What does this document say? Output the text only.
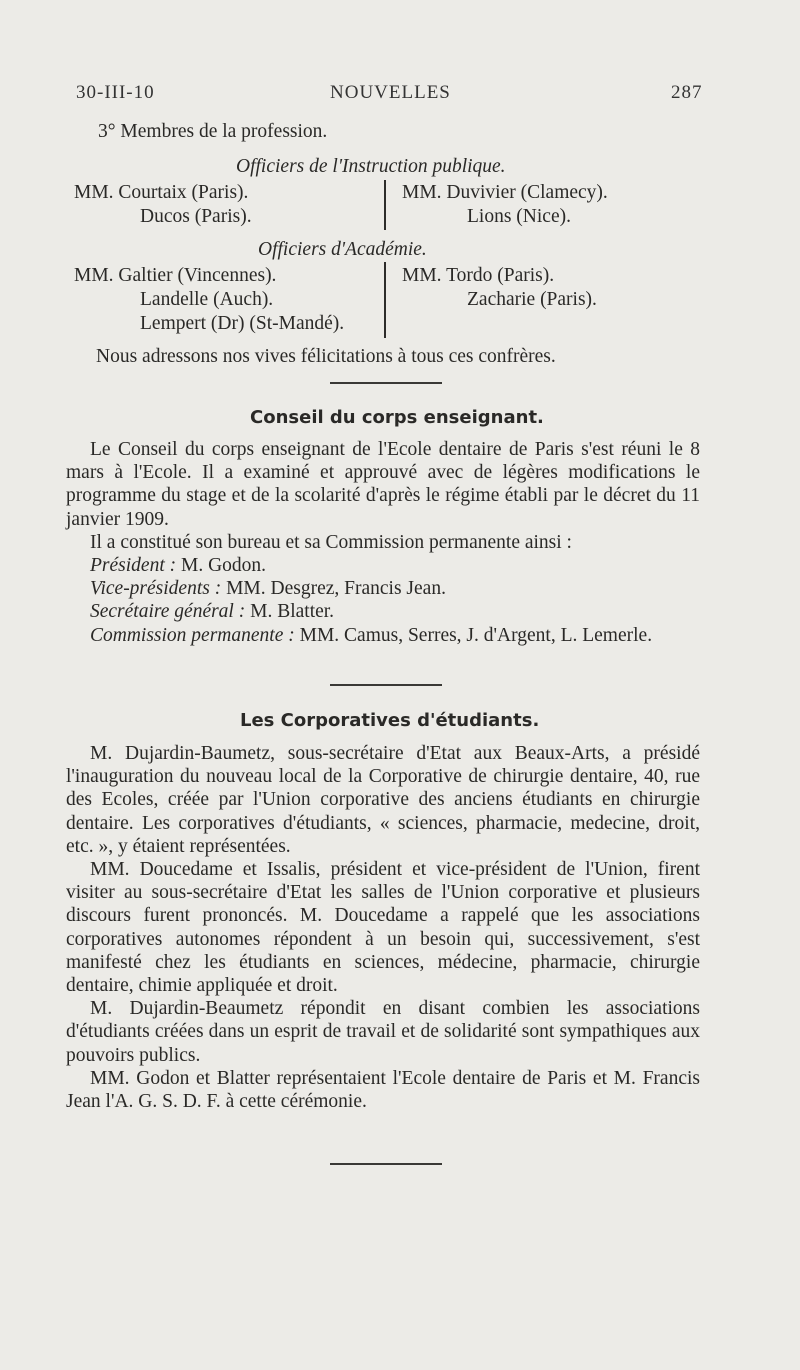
30-III-10	NOUVELLES	287
3° Membres de la profession.
Officiers de l'Instruction publique.
MM. Courtaix (Paris).
Ducos (Paris).
MM. Duvivier (Clamecy).
Lions (Nice).
Officiers d'Académie.
MM. Galtier (Vincennes).
Landelle (Auch).
Lempert (Dr) (St-Mandé).
MM. Tordo (Paris).
Zacharie (Paris).
Nous adressons nos vives félicitations à tous ces confrères.
Conseil du corps enseignant.

Le Conseil du corps enseignant de l'Ecole dentaire de Paris s'est réuni le 8 mars à l'Ecole. Il a examiné et approuvé avec de légères modifications le programme du stage et de la scolarité d'après le régime établi par le décret du 11 janvier 1909.

Il a constitué son bureau et sa Commission permanente ainsi :

Président : M. Godon.

Vice-présidents : MM. Desgrez, Francis Jean.

Secrétaire général : M. Blatter.

Commission permanente : MM. Camus, Serres, J. d'Argent, L. Lemerle.

Les Corporatives d'étudiants.

M. Dujardin-Baumetz, sous-secrétaire d'Etat aux Beaux-Arts, a présidé l'inauguration du nouveau local de la Corporative de chirurgie dentaire, 40, rue des Ecoles, créée par l'Union corporative des anciens étudiants en chirurgie dentaire. Les corporatives d'étudiants, « sciences, pharmacie, medecine, droit, etc. », y étaient représentées.

MM. Doucedame et Issalis, président et vice-président de l'Union, firent visiter au sous-secrétaire d'Etat les salles de l'Union corporative et plusieurs discours furent prononcés. M. Doucedame a rappelé que les associations corporatives autonomes répondent à un besoin qui, successivement, s'est manifesté chez les étudiants en sciences, médecine, pharmacie, chirurgie dentaire, chimie appliquée et droit.

M. Dujardin-Beaumetz répondit en disant combien les associations d'étudiants créées dans un esprit de travail et de solidarité sont sympathiques aux pouvoirs publics.

MM. Godon et Blatter représentaient l'Ecole dentaire de Paris et M. Francis Jean l'A. G. S. D. F. à cette cérémonie.
